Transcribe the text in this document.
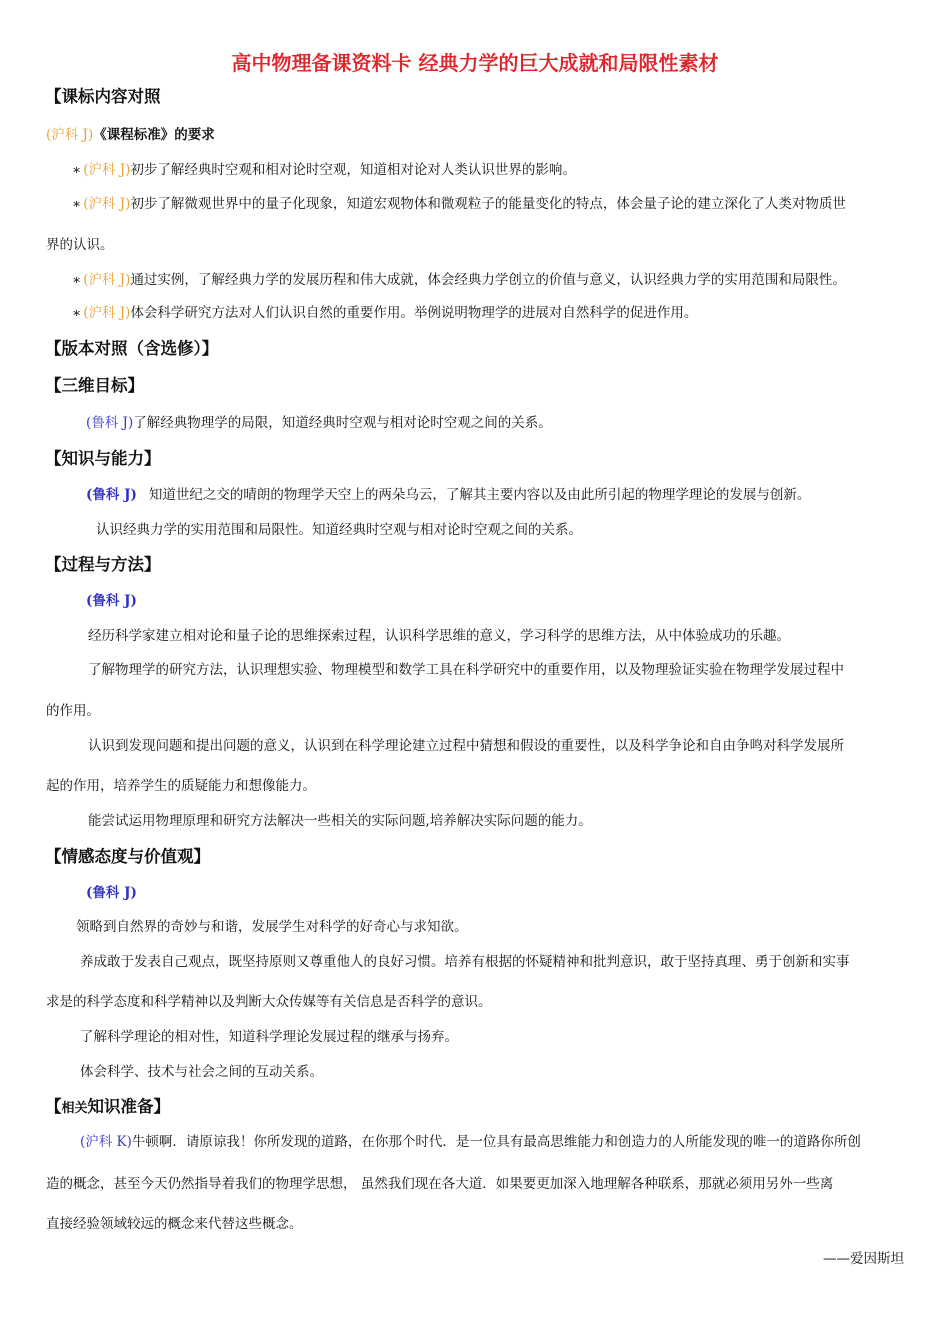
高中物理备课资料卡 经典力学的巨大成就和局限性素材
【课标内容对照
(沪科 J)《课程标准》的要求
∗ (沪科 J)初步了解经典时空观和相对论时空观，知道相对论对人类认识世界的影响。
∗ (沪科 J)初步了解微观世界中的量子化现象，知道宏观物体和微观粒子的能量变化的特点，体会量子论的建立深化了人类对物质世
界的认识。
∗ (沪科 J)通过实例，了解经典力学的发展历程和伟大成就，体会经典力学创立的价值与意义，认识经典力学的实用范围和局限性。
∗ (沪科 J)体会科学研究方法对人们认识自然的重要作用。举例说明物理学的进展对自然科学的促进作用。
【版本对照（含选修）】
【三维目标】
(鲁科 J)了解经典物理学的局限，知道经典时空观与相对论时空观之间的关系。
【知识与能力】
(鲁科 J) 知道世纪之交的晴朗的物理学天空上的两朵乌云，了解其主要内容以及由此所引起的物理学理论的发展与创新。
认识经典力学的实用范围和局限性。知道经典时空观与相对论时空观之间的关系。
【过程与方法】
(鲁科 J)
经历科学家建立相对论和量子论的思维探索过程，认识科学思维的意义，学习科学的思维方法，从中体验成功的乐趣。
了解物理学的研究方法，认识理想实验、物理模型和数学工具在科学研究中的重要作用，以及物理验证实验在物理学发展过程中
的作用。
认识到发现问题和提出问题的意义，认识到在科学理论建立过程中猜想和假设的重要性，以及科学争论和自由争鸣对科学发展所
起的作用，培养学生的质疑能力和想像能力。
能尝试运用物理原理和研究方法解决一些相关的实际问题,培养解决实际问题的能力。
【情感态度与价值观】
(鲁科 J)
领略到自然界的奇妙与和谐，发展学生对科学的好奇心与求知欲。
养成敢于发表自己观点，既坚持原则又尊重他人的良好习惯。培养有根据的怀疑精神和批判意识，敢于坚持真理、勇于创新和实事
求是的科学态度和科学精神以及判断大众传媒等有关信息是否科学的意识。
了解科学理论的相对性，知道科学理论发展过程的继承与扬弃。
体会科学、技术与社会之间的互动关系。
【相关知识准备】
(沪科 K)牛顿啊．请原谅我！你所发现的道路，在你那个时代．是一位具有最高思维能力和创造力的人所能发现的唯一的道路你所创
造的概念，甚至今天仍然指导着我们的物理学思想， 虽然我们现在各大道．如果要更加深入地理解各种联系，那就必须用另外一些离
直接经验领域较远的概念来代替这些概念。
——爱因斯坦
